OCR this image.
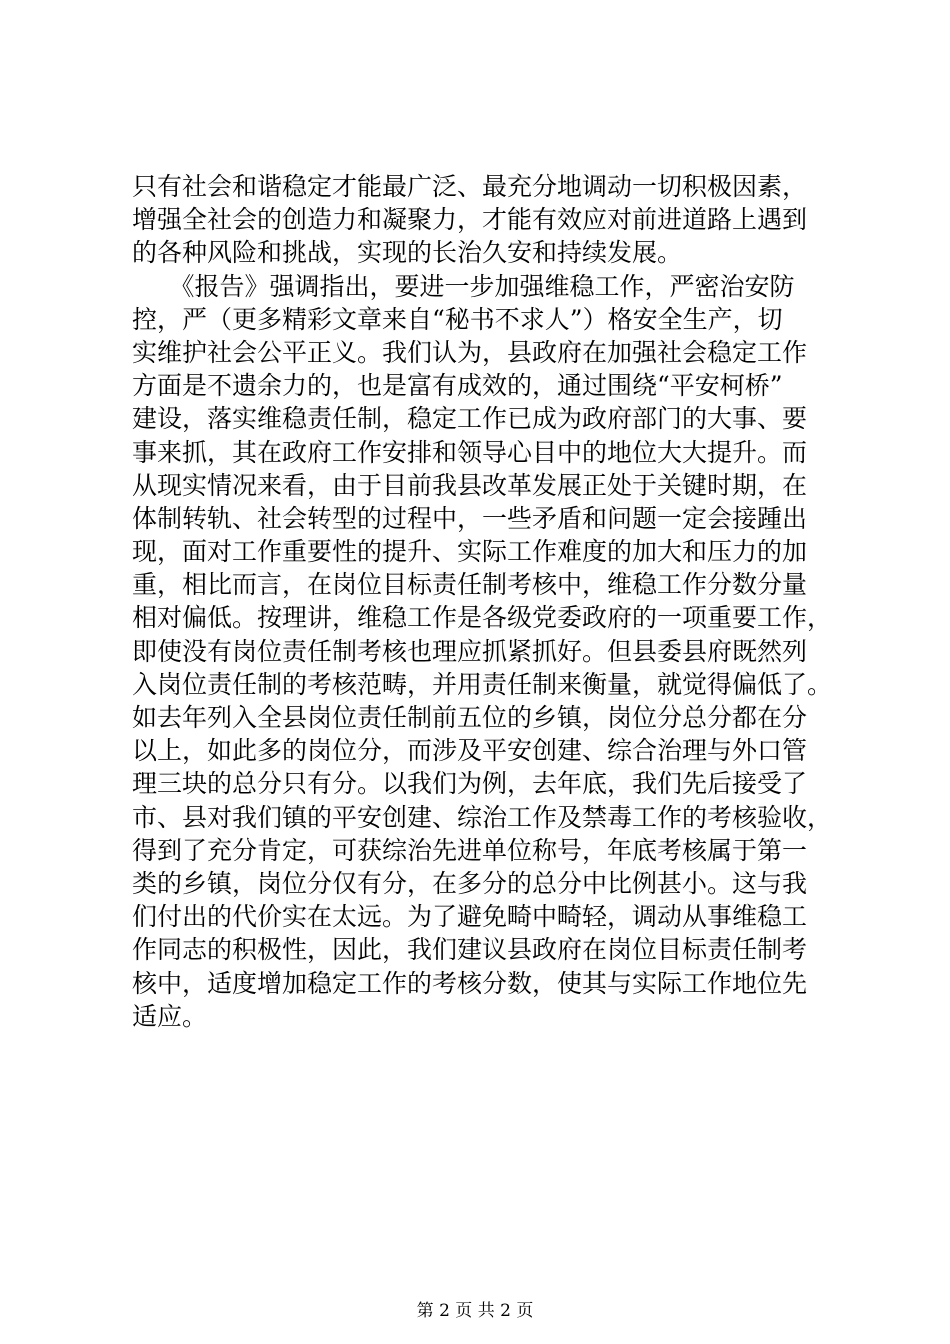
只有社会和谐稳定才能最广泛、最充分地调动一切积极因素，
增强全社会的创造力和凝聚力，才能有效应对前进道路上遇到
的各种风险和挑战，实现的长治久安和持续发展。
　　《报告》强调指出，要进一步加强维稳工作，严密治安防
控，严（更多精彩文章来自“秘书不求人”）格安全生产，切
实维护社会公平正义。我们认为，县政府在加强社会稳定工作
方面是不遗余力的，也是富有成效的，通过围绕“平安柯桥”
建设，落实维稳责任制，稳定工作已成为政府部门的大事、要
事来抓，其在政府工作安排和领导心目中的地位大大提升。而
从现实情况来看，由于目前我县改革发展正处于关键时期，在
体制转轨、社会转型的过程中，一些矛盾和问题一定会接踵出
现，面对工作重要性的提升、实际工作难度的加大和压力的加
重，相比而言，在岗位目标责任制考核中，维稳工作分数分量
相对偏低。按理讲，维稳工作是各级党委政府的一项重要工作，
即使没有岗位责任制考核也理应抓紧抓好。但县委县府既然列
入岗位责任制的考核范畴，并用责任制来衡量，就觉得偏低了。
如去年列入全县岗位责任制前五位的乡镇，岗位分总分都在分
以上，如此多的岗位分，而涉及平安创建、综合治理与外口管
理三块的总分只有分。以我们为例，去年底，我们先后接受了
市、县对我们镇的平安创建、综治工作及禁毒工作的考核验收，
得到了充分肯定，可获综治先进单位称号，年底考核属于第一
类的乡镇，岗位分仅有分，在多分的总分中比例甚小。这与我
们付出的代价实在太远。为了避免畸中畸轻，调动从事维稳工
作同志的积极性，因此，我们建议县政府在岗位目标责任制考
核中，适度增加稳定工作的考核分数，使其与实际工作地位先
适应。
第 2 页 共 2 页
